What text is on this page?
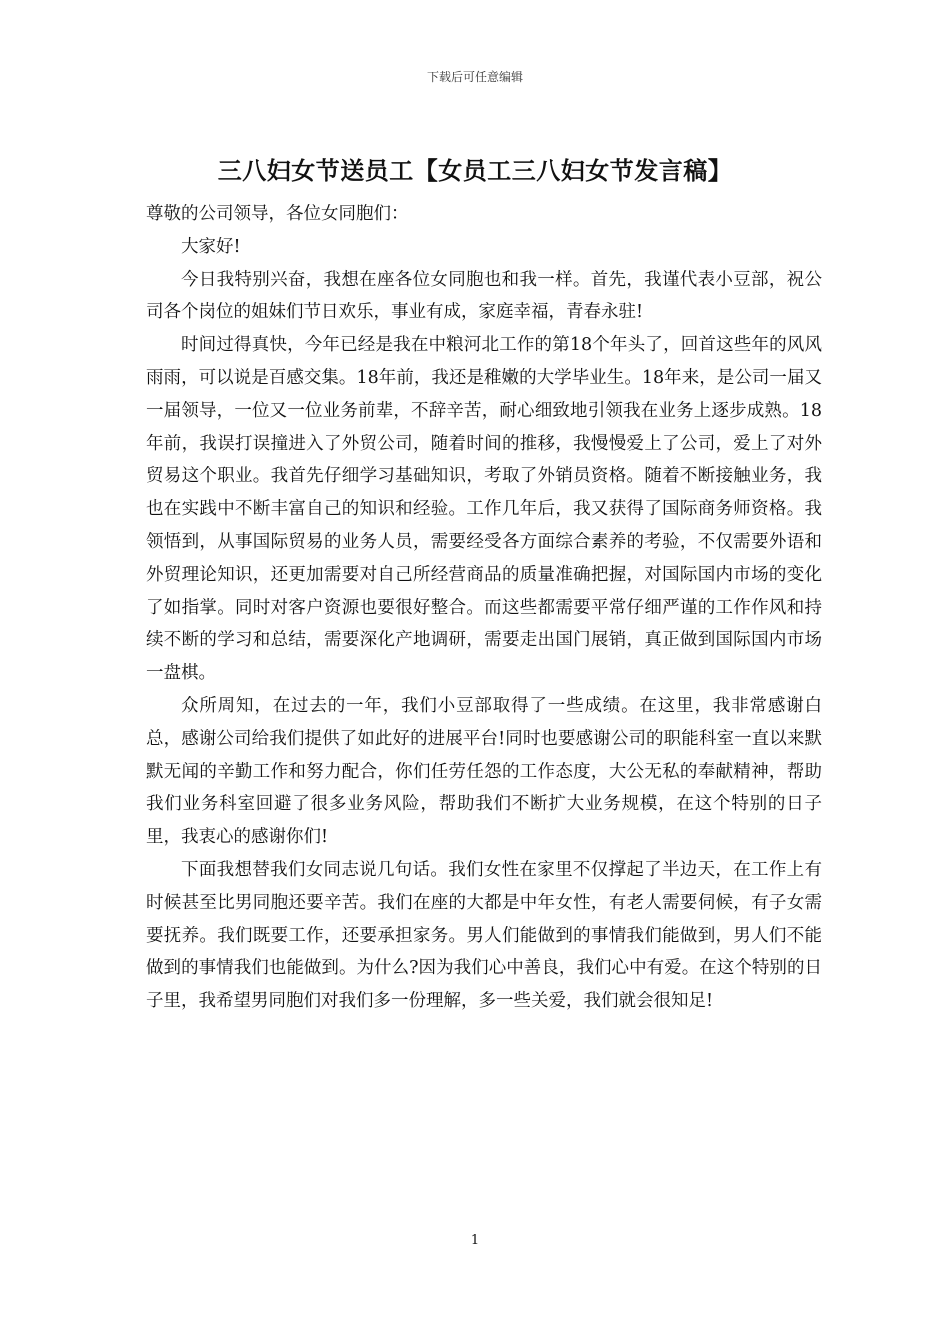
下载后可任意编辑
三八妇女节送员工【女员工三八妇女节发言稿】

尊敬的公司领导，各位女同胞们：

大家好!

今日我特别兴奋，我想在座各位女同胞也和我一样。首先，我谨代表小豆部，祝公司各个岗位的姐妹们节日欢乐，事业有成，家庭幸福，青春永驻!

时间过得真快，今年已经是我在中粮河北工作的第18个年头了，回首这些年的风风雨雨，可以说是百感交集。18年前，我还是稚嫩的大学毕业生。18年来，是公司一届又一届领导，一位又一位业务前辈，不辞辛苦，耐心细致地引领我在业务上逐步成熟。18年前，我误打误撞进入了外贸公司，随着时间的推移，我慢慢爱上了公司，爱上了对外贸易这个职业。我首先仔细学习基础知识，考取了外销员资格。随着不断接触业务，我也在实践中不断丰富自己的知识和经验。工作几年后，我又获得了国际商务师资格。我领悟到，从事国际贸易的业务人员，需要经受各方面综合素养的考验，不仅需要外语和外贸理论知识，还更加需要对自己所经营商品的质量准确把握，对国际国内市场的变化了如指掌。同时对客户资源也要很好整合。而这些都需要平常仔细严谨的工作作风和持续不断的学习和总结，需要深化产地调研，需要走出国门展销，真正做到国际国内市场一盘棋。

众所周知，在过去的一年，我们小豆部取得了一些成绩。在这里，我非常感谢白总，感谢公司给我们提供了如此好的进展平台!同时也要感谢公司的职能科室一直以来默默无闻的辛勤工作和努力配合，你们任劳任怨的工作态度，大公无私的奉献精神，帮助我们业务科室回避了很多业务风险，帮助我们不断扩大业务规模，在这个特别的日子里，我衷心的感谢你们!

下面我想替我们女同志说几句话。我们女性在家里不仅撑起了半边天，在工作上有时候甚至比男同胞还要辛苦。我们在座的大都是中年女性，有老人需要伺候，有子女需要抚养。我们既要工作，还要承担家务。男人们能做到的事情我们能做到，男人们不能做到的事情我们也能做到。为什么?因为我们心中善良，我们心中有爱。在这个特别的日子里，我希望男同胞们对我们多一份理解，多一些关爱，我们就会很知足!

1
